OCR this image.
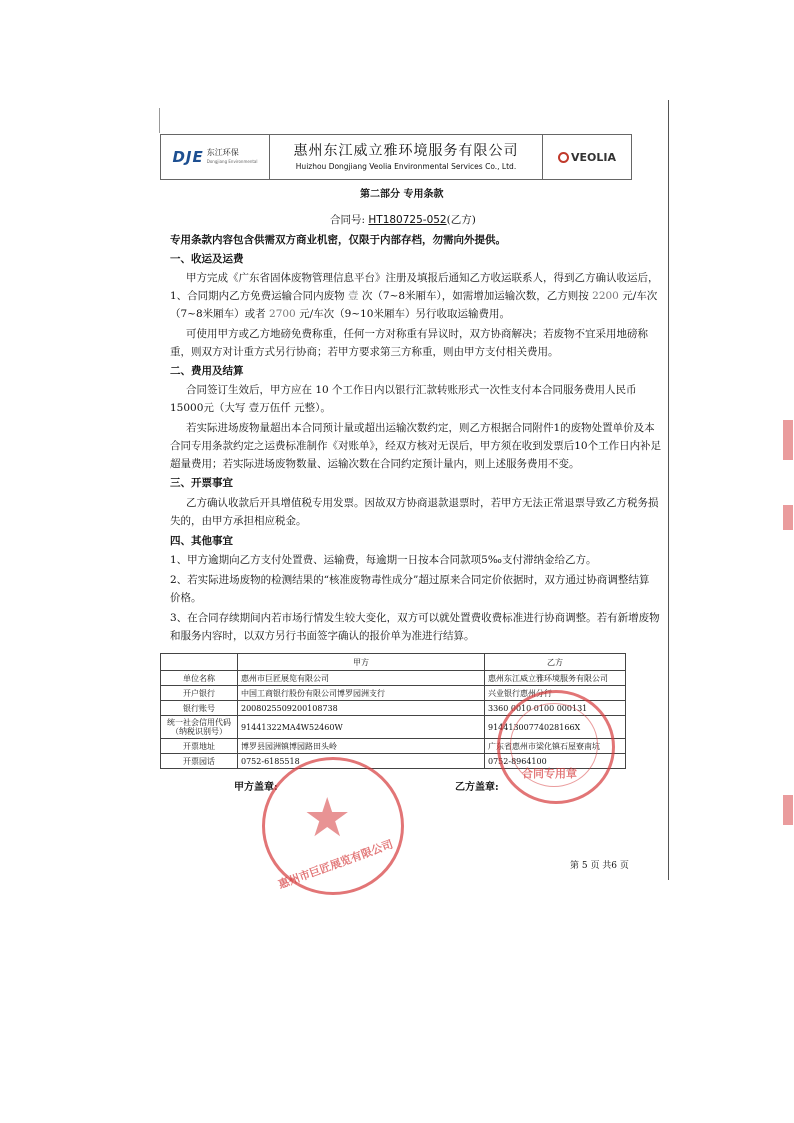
DJE 东江环保
Dongjiang Environmental
惠州东江威立雅环境服务有限公司
Huizhou Dongjiang Veolia Environmental Services Co., Ltd.
VEOLIA
第二部分 专用条款
合同号: HT180725-052(乙方)
专用条款内容包含供需双方商业机密，仅限于内部存档，勿需向外提供。
一、收运及运费
甲方完成《广东省固体废物管理信息平台》注册及填报后通知乙方收运联系人，得到乙方确认收运后，
1、合同期内乙方免费运输合同内废物 壹 次（7~8米厢车），如需增加运输次数，乙方则按 2200 元/车次
（7~8米厢车）或者 2700 元/车次（9~10米厢车）另行收取运输费用。
可使用甲方或乙方地磅免费称重，任何一方对称重有异议时，双方协商解决；若废物不宜采用地磅称
重，则双方对计重方式另行协商；若甲方要求第三方称重，则由甲方支付相关费用。
二、费用及结算
合同签订生效后，甲方应在 10 个工作日内以银行汇款转账形式一次性支付本合同服务费用人民币
15000元（大写 壹万伍仟 元整）。
若实际进场废物量超出本合同预计量或超出运输次数约定，则乙方根据合同附件1的废物处置单价及本
合同专用条款约定之运费标准制作《对账单》，经双方核对无误后，甲方须在收到发票后10个工作日内补足
超量费用；若实际进场废物数量、运输次数在合同约定预计量内，则上述服务费用不变。
三、开票事宜
乙方确认收款后开具增值税专用发票。因故双方协商退款退票时，若甲方无法正常退票导致乙方税务损
失的，由甲方承担相应税金。
四、其他事宜
1、甲方逾期向乙方支付处置费、运输费，每逾期一日按本合同款项5‰支付滞纳金给乙方。
2、若实际进场废物的检测结果的“核准废物毒性成分”超过原来合同定价依据时，双方通过协商调整结算
价格。
3、在合同存续期间内若市场行情发生较大变化，双方可以就处置费收费标准进行协商调整。若有新增废物
和服务内容时，以双方另行书面签字确认的报价单为准进行结算。
	甲方	乙方
单位名称	惠州市巨匠展览有限公司	惠州东江威立雅环境服务有限公司
开户银行	中国工商银行股份有限公司博罗园洲支行	兴业银行惠州分行
银行账号	2008025509200108738	3360 0010 0100 000131
统一社会信用代码（纳税识别号）	91441322MA4W52460W	91441300774028166X
开票地址	博罗县园洲镇博园路田头岭	广东省惠州市梁化镇石屋寮南坑
开票园话	0752-6185518	0752-8964100
甲方盖章:	乙方盖章:
★
惠州市巨匠展览有限公司
合同专用章
第 5 页 共6 页
